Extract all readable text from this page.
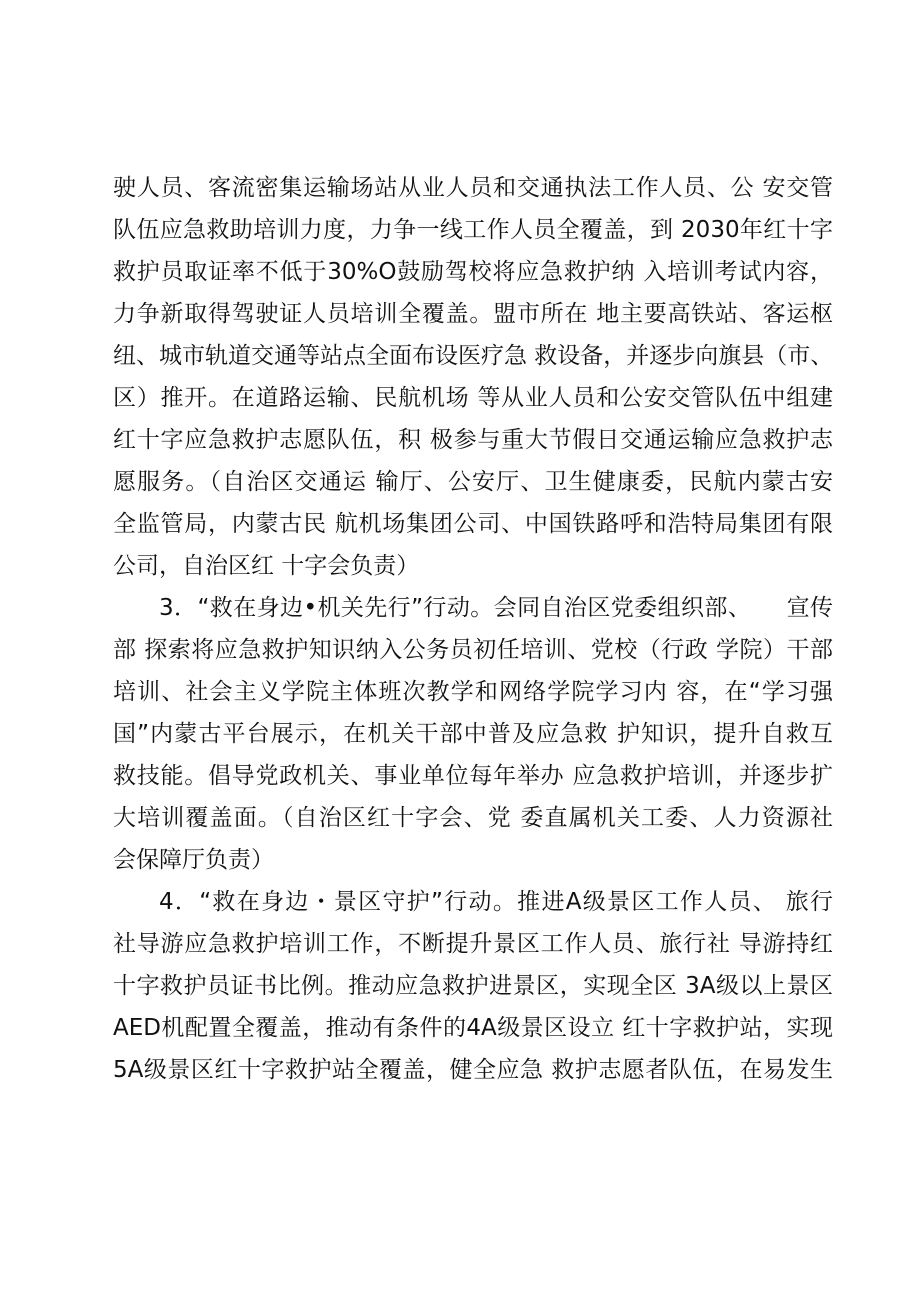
驶人员、客流密集运输场站从业人员和交通执法工作人员、公 安交管
队伍应急救助培训力度，力争一线工作人员全覆盖，到 2030年红十字
救护员取证率不低于30%O鼓励驾校将应急救护纳 入培训考试内容，
力争新取得驾驶证人员培训全覆盖。盟市所在 地主要高铁站、客运枢
纽、城市轨道交通等站点全面布设医疗急 救设备，并逐步向旗县（市、
区）推开。在道路运输、民航机场 等从业人员和公安交管队伍中组建
红十字应急救护志愿队伍，积 极参与重大节假日交通运输应急救护志
愿服务。（自治区交通运 输厅、公安厅、卫生健康委，民航内蒙古安
全监管局，内蒙古民 航机场集团公司、中国铁路呼和浩特局集团有限
公司，自治区红 十字会负责）
3．“救在身边•机关先行”行动。会同自治区党委组织部、　　宣传
部 探索将应急救护知识纳入公务员初任培训、党校（行政 学院）干部
培训、社会主义学院主体班次教学和网络学院学习内 容，在“学习强
国”内蒙古平台展示，在机关干部中普及应急救 护知识，提升自救互
救技能。倡导党政机关、事业单位每年举办 应急救护培训，并逐步扩
大培训覆盖面。（自治区红十字会、党 委直属机关工委、人力资源社
会保障厅负责）
4．“救在身边・景区守护”行动。推进A级景区工作人员、 旅行
社导游应急救护培训工作，不断提升景区工作人员、旅行社 导游持红
十字救护员证书比例。推动应急救护进景区，实现全区 3A级以上景区
AED机配置全覆盖，推动有条件的4A级景区设立 红十字救护站，实现
5A级景区红十字救护站全覆盖，健全应急 救护志愿者队伍，在易发生
